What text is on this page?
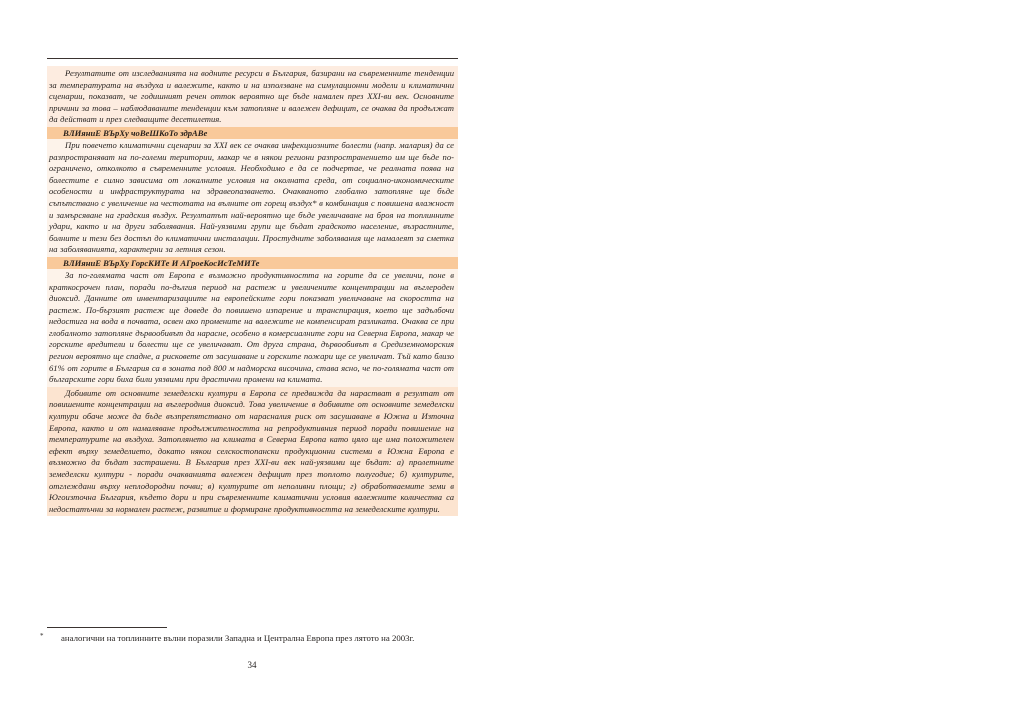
Резултатите от изследванията на водните ресурси в България, базирани на съвременните тенденции за температурата на въздуха и валежите, както и на използване на симулационни модели и климатични сценарии, показват, че годишният речен отток вероятно ще бъде намален през XXI-ви век. Основните причини за това – наблюдаваните тенденции към затопляне и валежен дефицит, се очаква да продължат да действат и през следващите десетилетия.
ВЛИяниЕ ВЪрХу чоВеШКоТо здрАВе
При повечето климатични сценарии за XXI век се очаква инфекциозните болести (напр. малария) да се разпространяват на по-големи територии, макар че в някои региони разпространението им ще бъде по-ограничено, отколкото в съвременните условия. Необходимо е да се подчертае, че реалната поява на болестите е силно зависима от локалните условия на околната среда, от социално-икономическите особености и инфраструктурата на здравеопазването. Очакваното глобално затопляне ще бъде съпътствано с увеличение на честотата на вълните от горещ въздух* в комбинация с повишена влажност и замърсяване на градския въздух. Резултатът най-вероятно ще бъде увеличаване на броя на топлинните удари, както и на други заболявания. Най-уязвими групи ще бъдат градското население, възрастните, болните и тези без достъп до климатични инсталации. Простудните заболявания ще намалеят за сметка на заболяванията, характерни за летния сезон.
ВЛИяниЕ ВЪрХу ГорсКИТе И АГроеКосИсТеМИТе
За по-голямата част от Европа е възможно продуктивността на горите да се увеличи, поне в краткосрочен план, поради по-дългия период на растеж и увеличените концентрации на въглероден диоксид. Данните от инвентаризациите на европейските гори показват увеличаване на скоростта на растеж. По-бързият растеж ще доведе до повишено изпарение и транспирация, което ще задълбочи недостига на вода в почвата, освен ако промените на валежите не компенсират разликата. Очаква се при глобалното затопляне дървообивът да нарасне, особено в комерсиалните гори на Северна Европа, макар че горските вредители и болести ще се увеличават. От друга страна, дървообивът в Средиземноморския регион вероятно ще спадне, а рисковете от засушаване и горските пожари ще се увеличат. Тъй като близо 61% от горите в България са в зоната под 800 м надморска височина, става ясно, че по-голямата част от българските гори биха били уязвими при драстични промени на климата.
Добивите от основните земеделски култури в Европа се предвижда да нарастват в резултат от повишените концентрации на въглеродния диоксид. Това увеличение в добивите от основните земеделски култури обаче може да бъде възпрепятствано от нарасналия риск от засушаване в Южна и Източна Европа, както и от намаляване продължителността на репродуктивния период поради повишение на температурите на въздуха. Затоплянето на климата в Северна Европа като цяло ще има положителен ефект върху земеделието, докато някои селскостопански продукционни системи в Южна Европа е възможно да бъдат застрашени. В България през XXI-ви век най-уязвими ще бъдат: а) пролетните земеделски култури - поради очакванията валежен дефицит през топлото полугодие; б) културите, отглеждани върху неплодородни почви; в) културите от неполивни площи; г) обработваемите земи в Югоизточна България, където дори и при съвременните климатични условия валежните количества са недостатъчни за нормален растеж, развитие и формиране продуктивността на земеделските култури.
*	аналогични на топлинните вълни поразили Западна и Централна Европа през лятото на 2003г.
34
